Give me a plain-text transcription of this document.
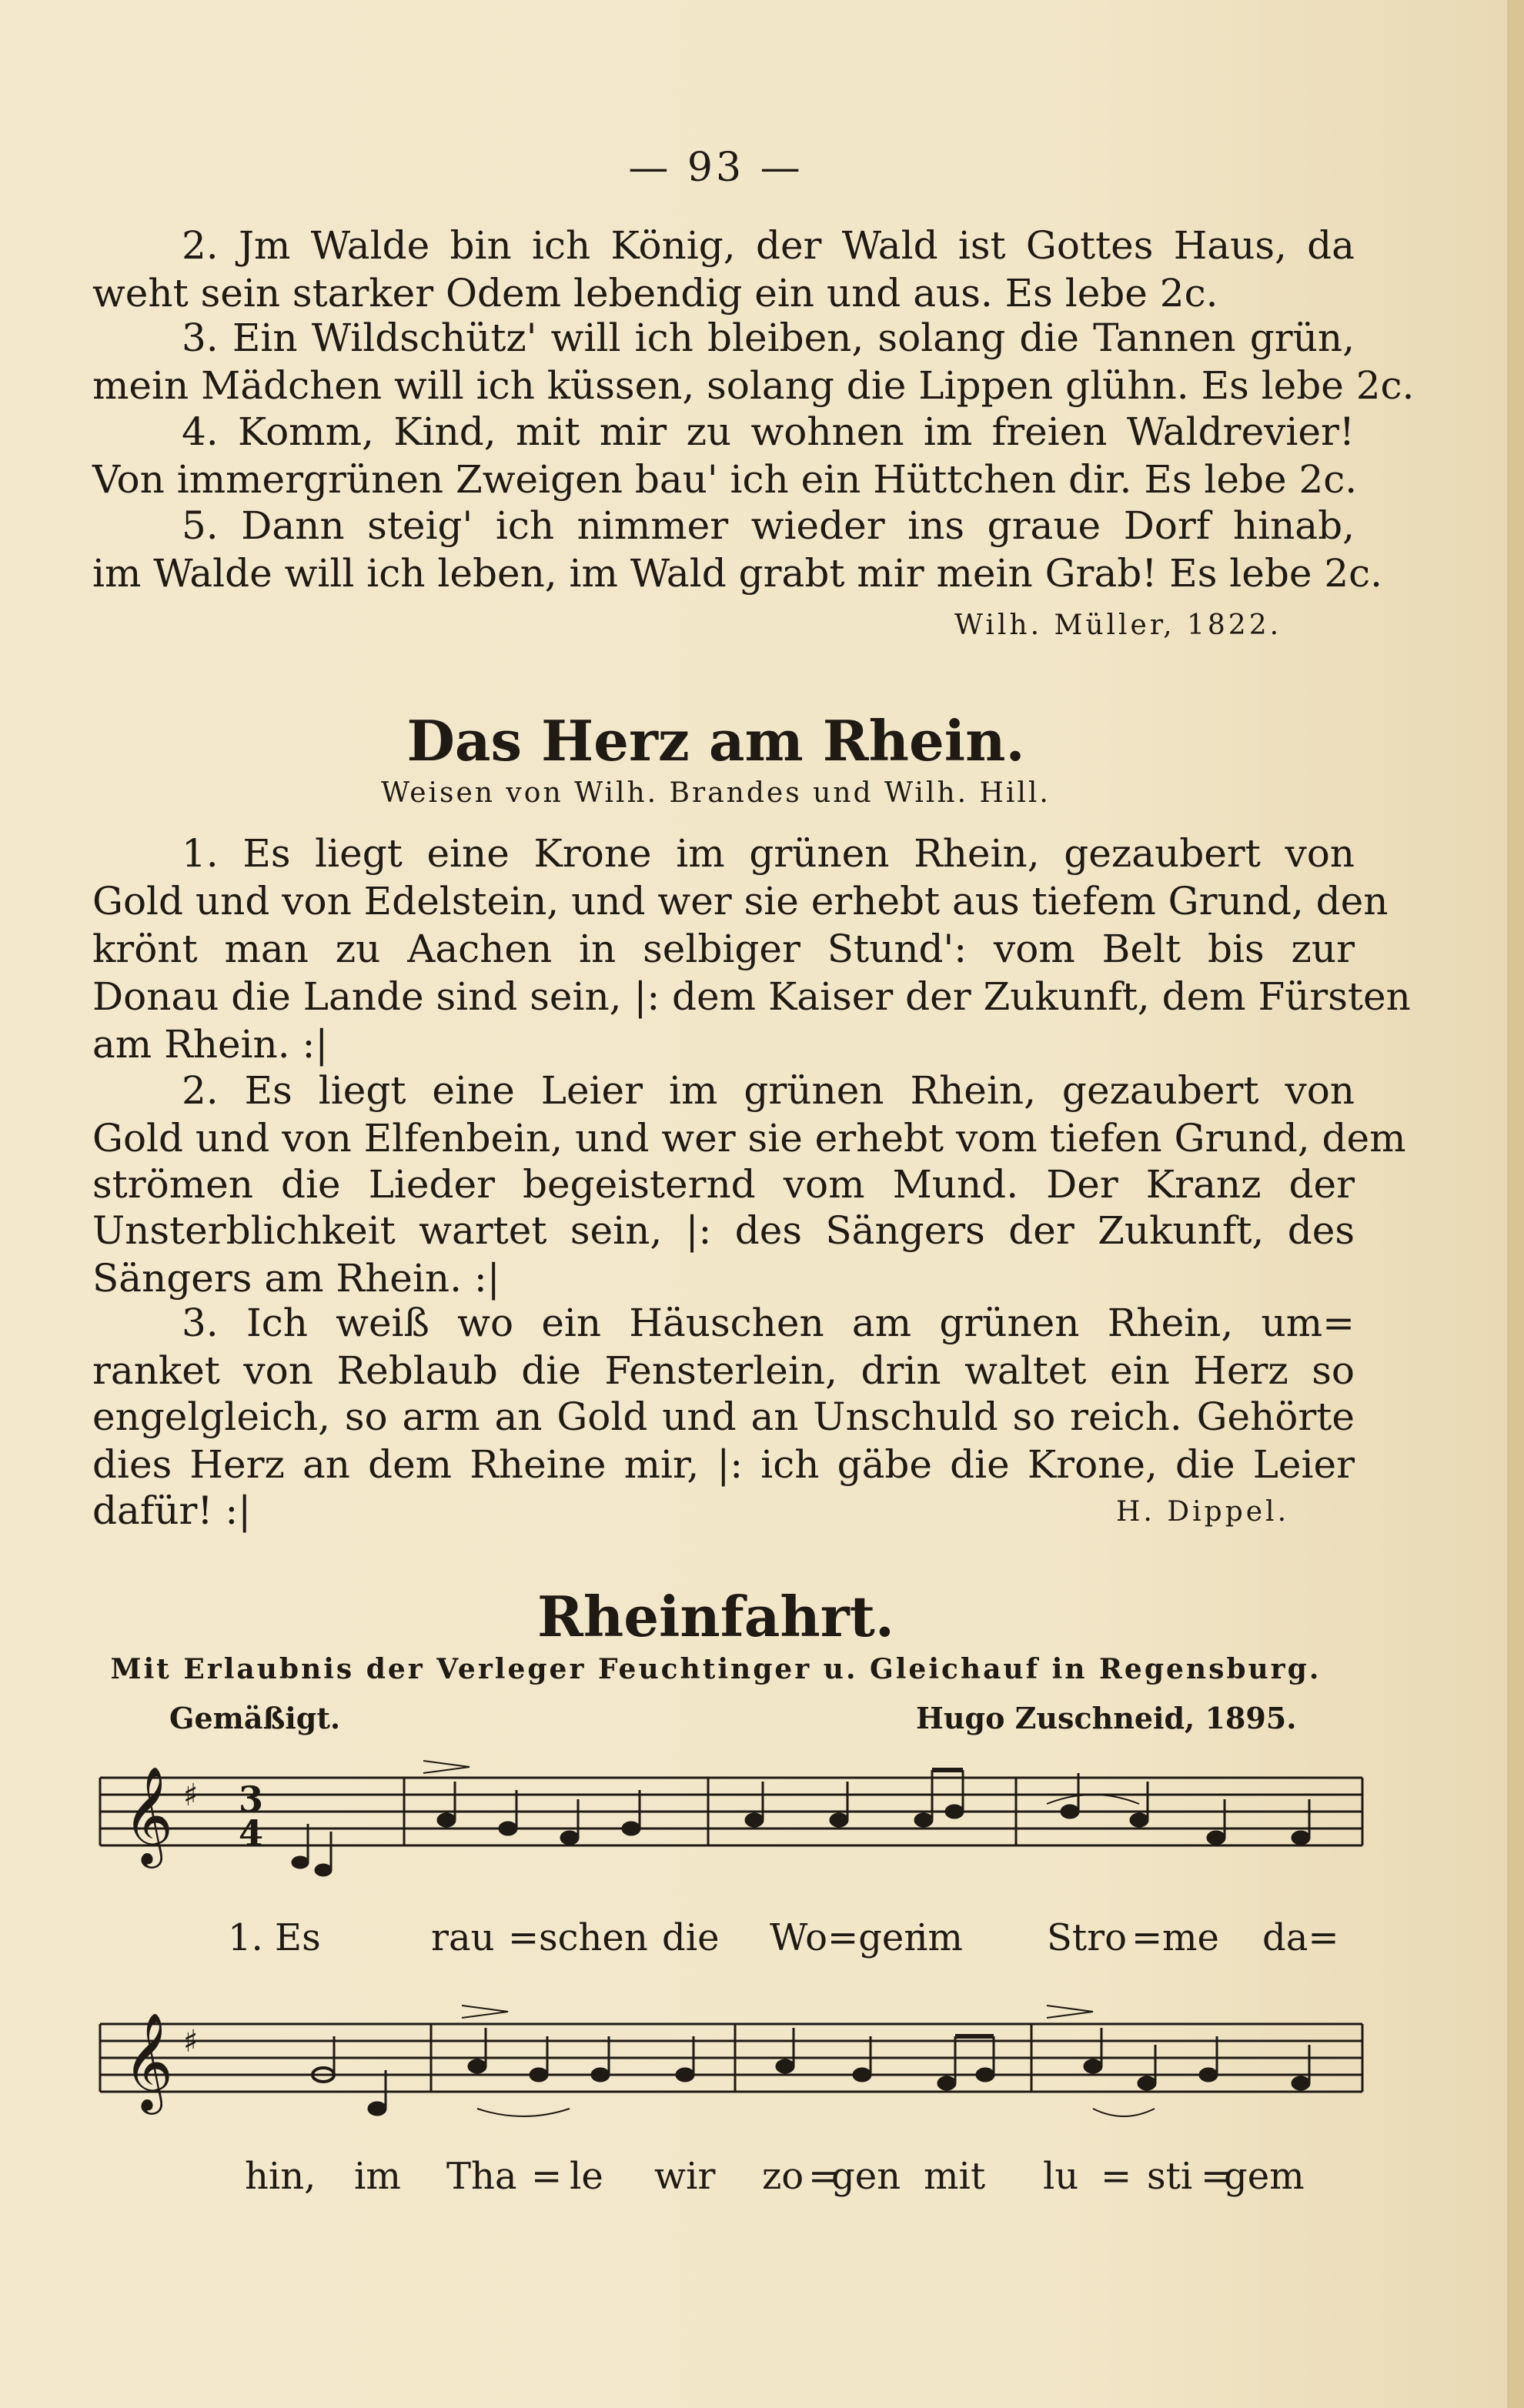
— 93 —
2. Jm Walde bin ich König, der Wald ist Gottes Haus, da
weht sein starker Odem lebendig ein und aus. Es lebe 2c.
3. Ein Wildschütz' will ich bleiben, solang die Tannen grün,
mein Mädchen will ich küssen, solang die Lippen glühn. Es lebe 2c.
4. Komm, Kind, mit mir zu wohnen im freien Waldrevier!
Von immergrünen Zweigen bau' ich ein Hüttchen dir. Es lebe 2c.
5. Dann steig' ich nimmer wieder ins graue Dorf hinab,
im Walde will ich leben, im Wald grabt mir mein Grab! Es lebe 2c.
Wilh. Müller, 1822.
Das Herz am Rhein.
Weisen von Wilh. Brandes und Wilh. Hill.
1. Es liegt eine Krone im grünen Rhein, gezaubert von
Gold und von Edelstein, und wer sie erhebt aus tiefem Grund, den
krönt man zu Aachen in selbiger Stund': vom Belt bis zur
Donau die Lande sind sein, |: dem Kaiser der Zukunft, dem Fürsten
am Rhein. :|
2. Es liegt eine Leier im grünen Rhein, gezaubert von
Gold und von Elfenbein, und wer sie erhebt vom tiefen Grund, dem
strömen die Lieder begeisternd vom Mund. Der Kranz der
Unsterblichkeit wartet sein, |: des Sängers der Zukunft, des
Sängers am Rhein. :|
3. Ich weiß wo ein Häuschen am grünen Rhein, um=
ranket von Reblaub die Fensterlein, drin waltet ein Herz so
engelgleich, so arm an Gold und an Unschuld so reich. Gehörte
dies Herz an dem Rheine mir, |: ich gäbe die Krone, die Leier
dafür! :|	H. Dippel.
Rheinfahrt.
Mit Erlaubnis der Verleger Feuchtinger u. Gleichauf in Regensburg.
Gemäßigt.	Hugo Zuschneid, 1895.
𝄞 ♯ 3
4
1. Es	rau = schen die Wo=gen
im Stro = me da=
𝄞 ♯
hin, im Tha = le wir zo =
gen mit lu = sti =
gem
